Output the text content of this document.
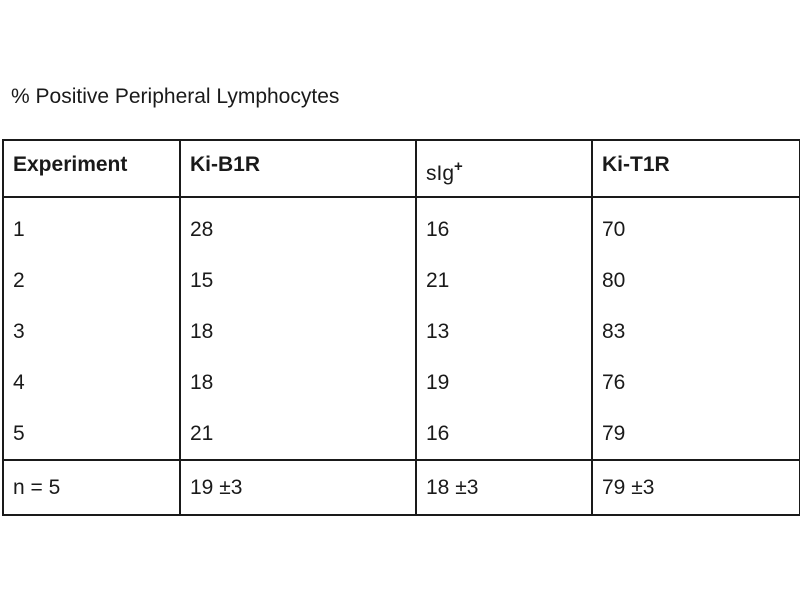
% Positive Peripheral Lymphocytes
Experiment	Ki-B1R	sIg+	Ki-T1R
1	28	16	70
2	15	21	80
3	18	13	83
4	18	19	76
5	21	16	79
n = 5	19 ±3	18 ±3	79 ±3
